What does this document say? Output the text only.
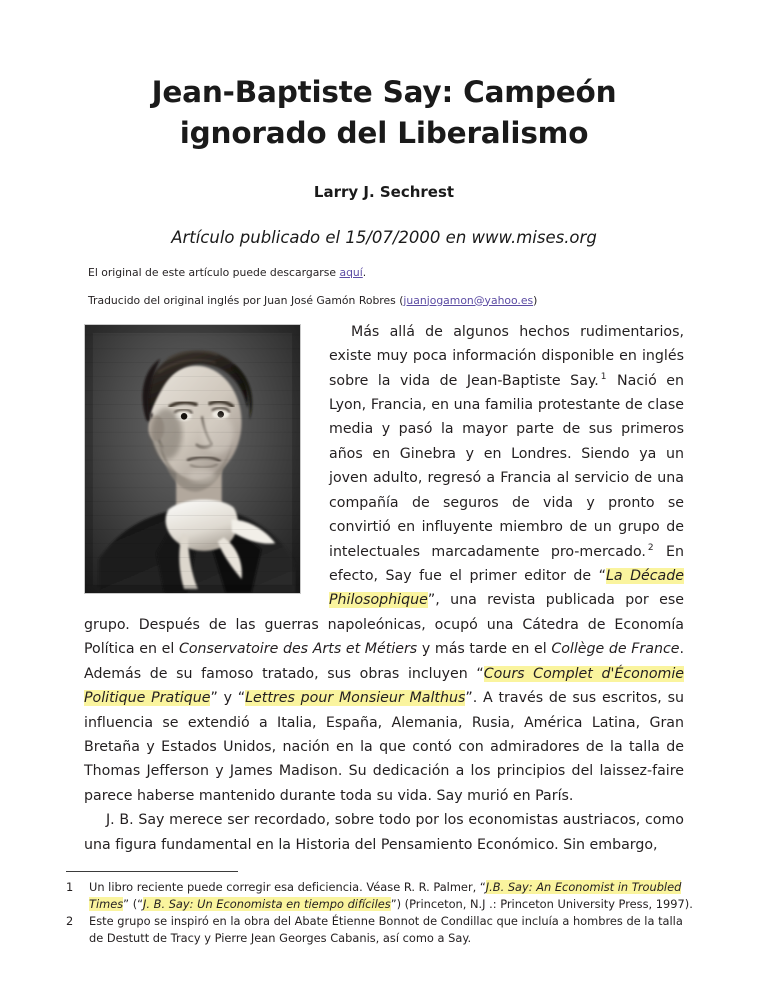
Jean-Baptiste Say: Campeón ignorado del Liberalismo
Larry J. Sechrest
Artículo publicado el 15/07/2000 en www.mises.org
El original de este artículo puede descargarse aquí.
Traducido del original inglés por Juan José Gamón Robres (juanjogamon@yahoo.es)

Más allá de algunos hechos rudimentarios, existe muy poca información disponible en inglés sobre la vida de Jean-Baptiste Say. $^1$ Nació en Lyon, Francia, en una familia protestante de clase media y pasó la mayor parte de sus primeros años en Ginebra y en Londres. Siendo ya un joven adulto, regresó a Francia al servicio de una compañía de seguros de vida y pronto se convirtió en influyente miembro de un grupo de intelectuales marcadamente pro-mercado. $^2$ En efecto, Say fue el primer editor de “La Décade Philosophique”, una revista publicada por ese grupo. Después de las guerras napoleónicas, ocupó una Cátedra de Economía Política en el Conservatoire des Arts et Métiers y más tarde en el Collège de France. Además de su famoso tratado, sus obras incluyen “Cours Complet d'Économie Politique Pratique” y “Lettres pour Monsieur Malthus”. A través de sus escritos, su influencia se extendió a Italia, España, Alemania, Rusia, América Latina, Gran Bretaña y Estados Unidos, nación en la que contó con admiradores de la talla de Thomas Jefferson y James Madison. Su dedicación a los principios del laissez-faire parece haberse mantenido durante toda su vida. Say murió en París.

J. B. Say merece ser recordado, sobre todo por los economistas austriacos, como una figura fundamental en la Historia del Pensamiento Económico. Sin embargo,

1	Un libro reciente puede corregir esa deficiencia. Véase R. R. Palmer, “J.B. Say: An Economist in Troubled Times” (“J. B. Say: Un Economista en tiempo difíciles”) (Princeton, N.J .: Princeton University Press, 1997).
2	Este grupo se inspiró en la obra del Abate Étienne Bonnot de Condillac que incluía a hombres de la talla de Destutt de Tracy y Pierre Jean Georges Cabanis, así como a Say.
